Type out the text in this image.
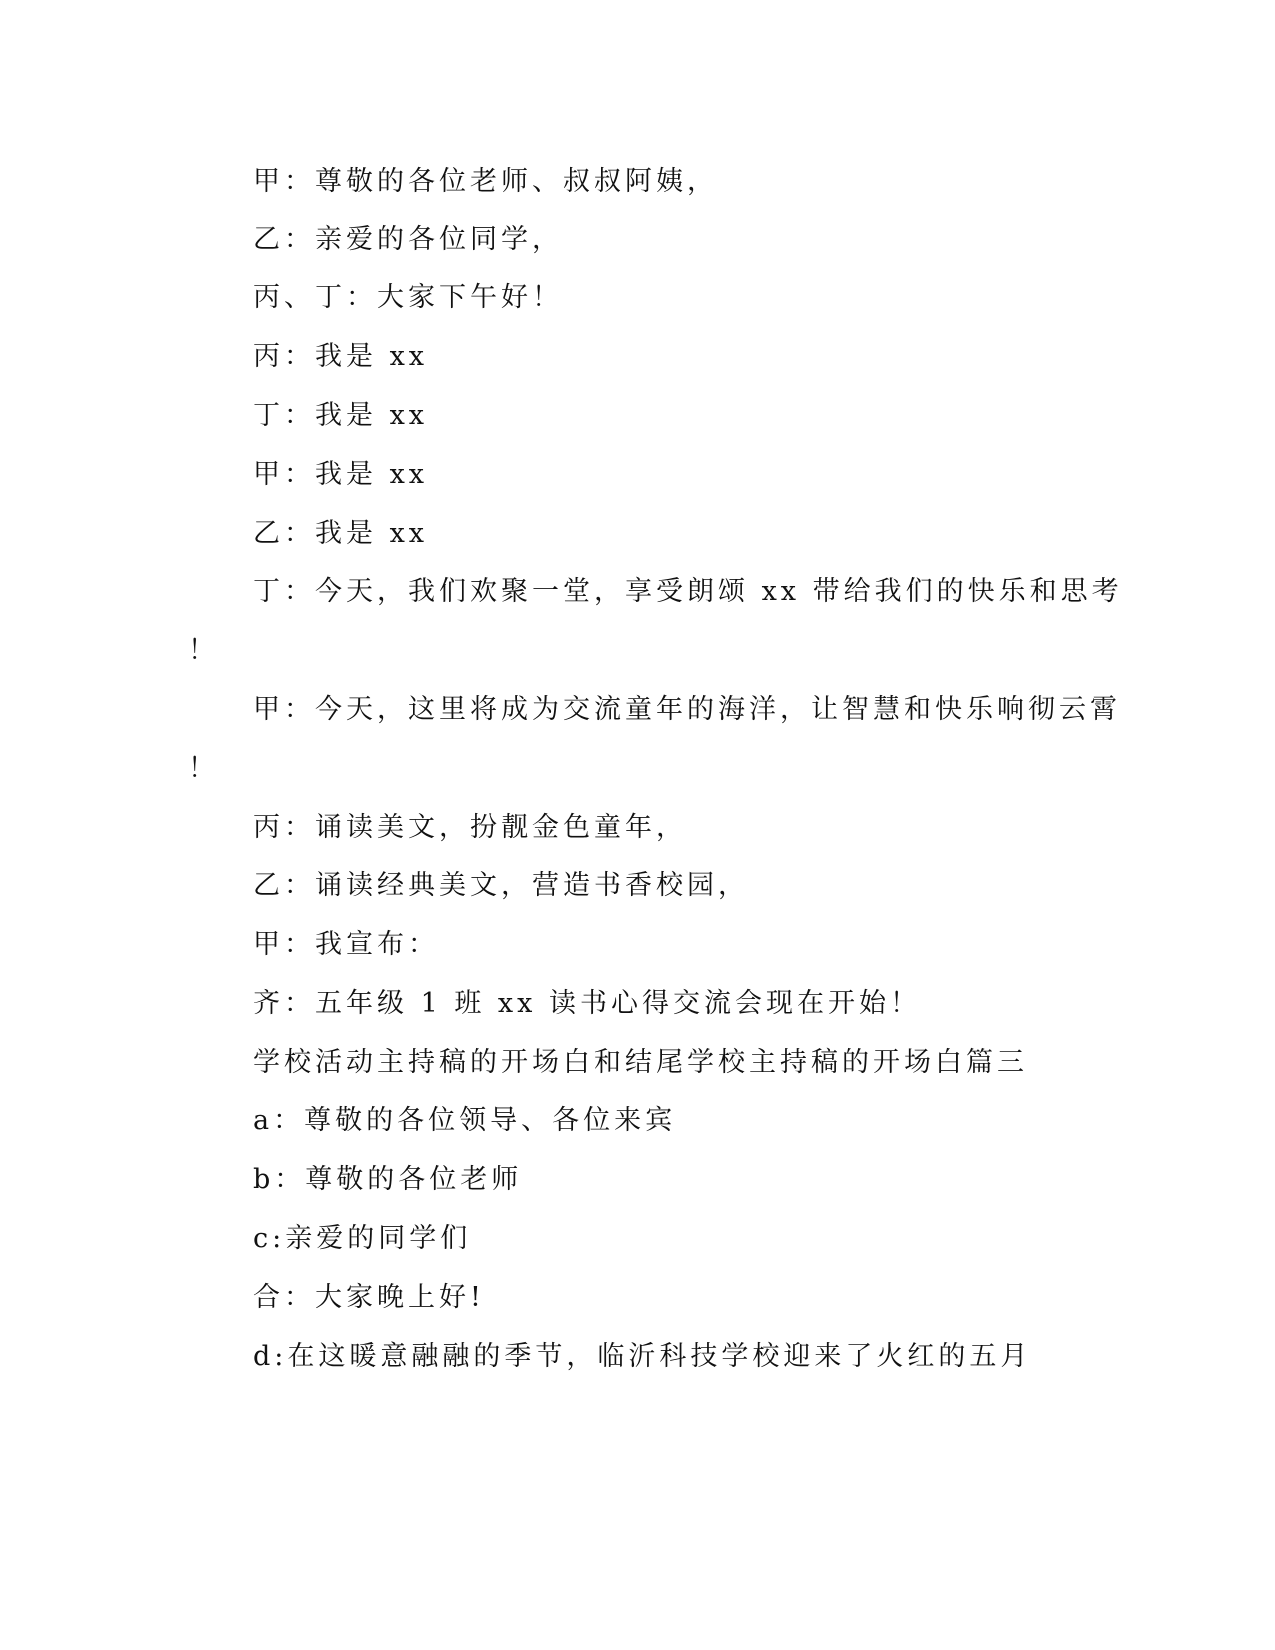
甲：尊敬的各位老师、叔叔阿姨，
乙：亲爱的各位同学，
丙、丁：大家下午好！
丙：我是 xx
丁：我是 xx
甲：我是 xx
乙：我是 xx
丁：今天，我们欢聚一堂，享受朗颂 xx 带给我们的快乐和思考
！
甲：今天，这里将成为交流童年的海洋，让智慧和快乐响彻云霄
！
丙：诵读美文，扮靓金色童年，
乙：诵读经典美文，营造书香校园，
甲：我宣布：
齐：五年级 1 班 xx 读书心得交流会现在开始！
学校活动主持稿的开场白和结尾学校主持稿的开场白篇三
a：尊敬的各位领导、各位来宾
b：尊敬的各位老师
c:亲爱的同学们
合：大家晚上好!
d:在这暖意融融的季节，临沂科技学校迎来了火红的五月
